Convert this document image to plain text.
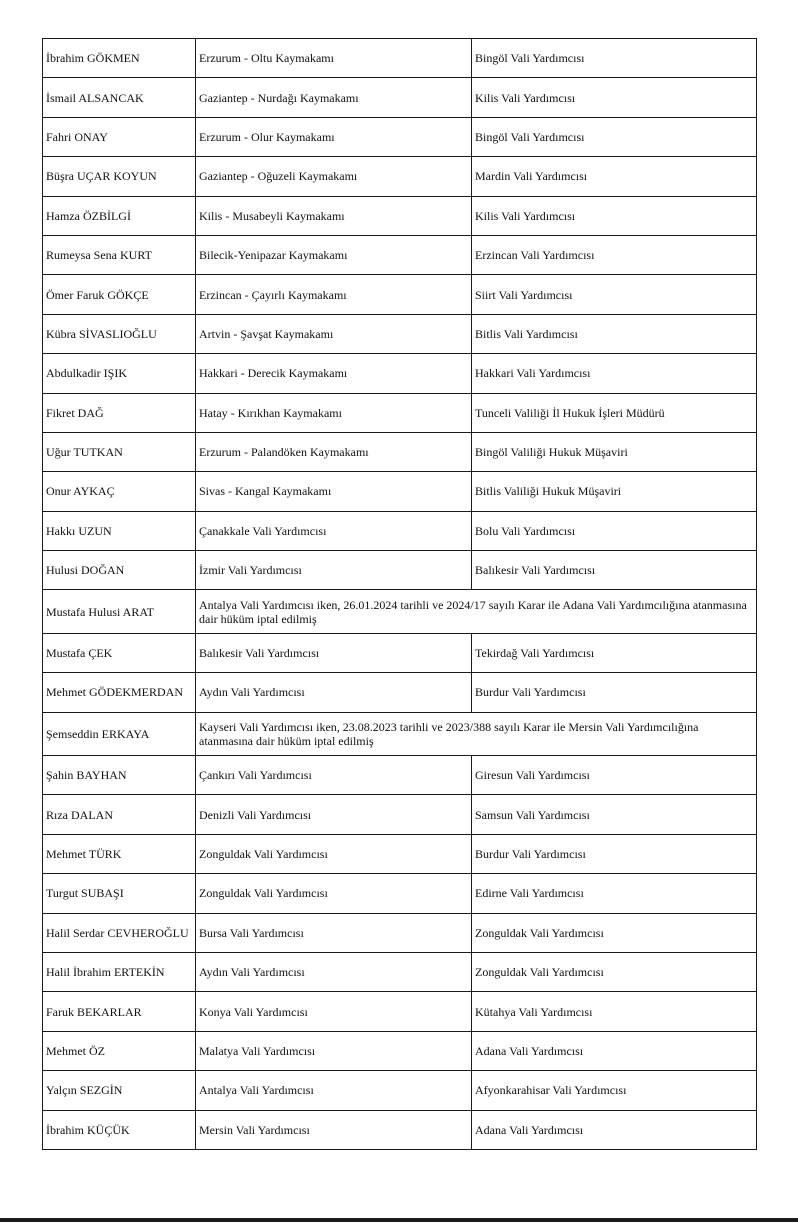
İbrahim GÖKMEN	Erzurum - Oltu Kaymakamı	Bingöl Vali Yardımcısı
İsmail ALSANCAK	Gaziantep - Nurdağı Kaymakamı	Kilis Vali Yardımcısı
Fahri ONAY	Erzurum - Olur Kaymakamı	Bingöl Vali Yardımcısı
Büşra UÇAR KOYUN	Gaziantep - Oğuzeli Kaymakamı	Mardin Vali Yardımcısı
Hamza ÖZBİLGİ	Kilis - Musabeyli Kaymakamı	Kilis Vali Yardımcısı
Rumeysa Sena KURT	Bilecik-Yenipazar Kaymakamı	Erzincan Vali Yardımcısı
Ömer Faruk GÖKÇE	Erzincan - Çayırlı Kaymakamı	Siirt Vali Yardımcısı
Kübra SİVASLIOĞLU	Artvin - Şavşat Kaymakamı	Bitlis Vali Yardımcısı
Abdulkadir IŞIK	Hakkari - Derecik Kaymakamı	Hakkari Vali Yardımcısı
Fikret DAĞ	Hatay - Kırıkhan Kaymakamı	Tunceli Valiliği İl Hukuk İşleri Müdürü
Uğur TUTKAN	Erzurum - Palandöken Kaymakamı	Bingöl Valiliği Hukuk Müşaviri
Onur AYKAÇ	Sivas - Kangal Kaymakamı	Bitlis Valiliği Hukuk Müşaviri
Hakkı UZUN	Çanakkale Vali Yardımcısı	Bolu Vali Yardımcısı
Hulusi DOĞAN	İzmir Vali Yardımcısı	Balıkesir Vali Yardımcısı
Mustafa Hulusi ARAT	Antalya Vali Yardımcısı iken, 26.01.2024 tarihli ve 2024/17 sayılı Karar ile Adana Vali Yardımcılığına atanmasına dair hüküm iptal edilmiş	
Mustafa ÇEK	Balıkesir Vali Yardımcısı	Tekirdağ Vali Yardımcısı
Mehmet GÖDEKMERDAN	Aydın Vali Yardımcısı	Burdur Vali Yardımcısı
Şemseddin ERKAYA	Kayseri Vali Yardımcısı iken, 23.08.2023 tarihli ve 2023/388 sayılı Karar ile Mersin Vali Yardımcılığına atanmasına dair hüküm iptal edilmiş	
Şahin BAYHAN	Çankırı Vali Yardımcısı	Giresun Vali Yardımcısı
Rıza DALAN	Denizli Vali Yardımcısı	Samsun Vali Yardımcısı
Mehmet TÜRK	Zonguldak Vali Yardımcısı	Burdur Vali Yardımcısı
Turgut SUBAŞI	Zonguldak Vali Yardımcısı	Edirne Vali Yardımcısı
Halil Serdar CEVHEROĞLU	Bursa Vali Yardımcısı	Zonguldak Vali Yardımcısı
Halil İbrahim ERTEKİN	Aydın Vali Yardımcısı	Zonguldak Vali Yardımcısı
Faruk BEKARLAR	Konya Vali Yardımcısı	Kütahya Vali Yardımcısı
Mehmet ÖZ	Malatya Vali Yardımcısı	Adana Vali Yardımcısı
Yalçın SEZGİN	Antalya Vali Yardımcısı	Afyonkarahisar Vali Yardımcısı
İbrahim KÜÇÜK	Mersin Vali Yardımcısı	Adana Vali Yardımcısı
